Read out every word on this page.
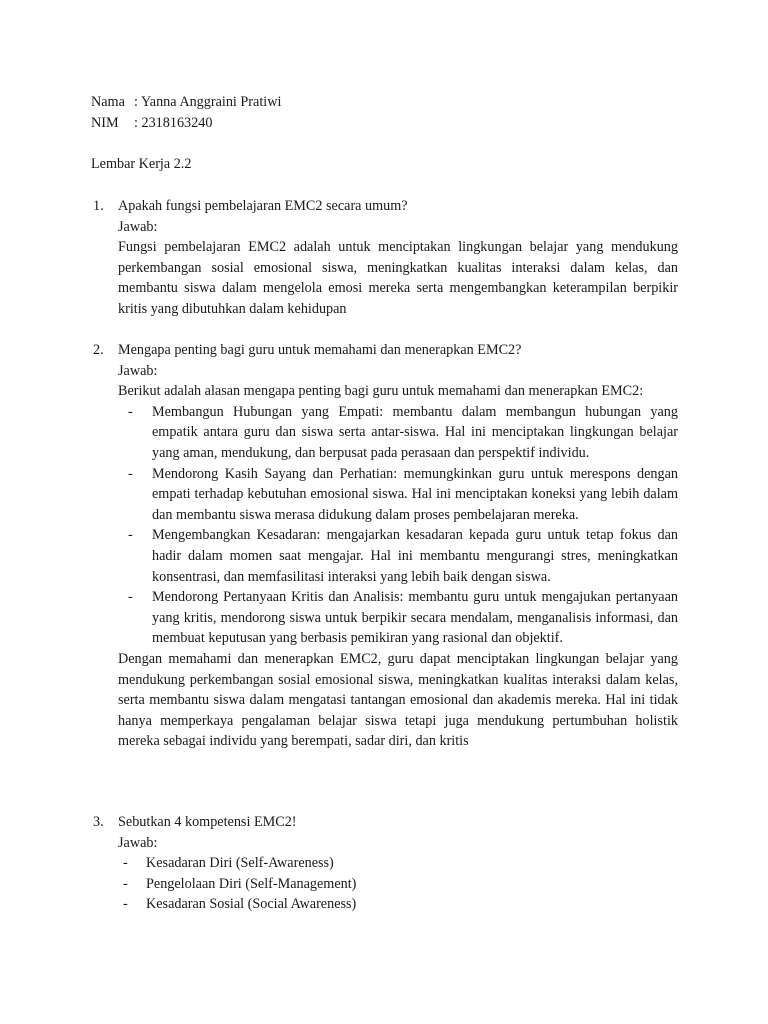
Nama : Yanna Anggraini Pratiwi
NIM	: 2318163240
Lembar Kerja 2.2
1.	Apakah fungsi pembelajaran EMC2 secara umum?
Jawab:
Fungsi pembelajaran EMC2 adalah untuk menciptakan lingkungan belajar yang mendukung perkembangan sosial emosional siswa, meningkatkan kualitas interaksi dalam kelas, dan membantu siswa dalam mengelola emosi mereka serta mengembangkan keterampilan berpikir kritis yang dibutuhkan dalam kehidupan
2.	Mengapa penting bagi guru untuk memahami dan menerapkan EMC2?
Jawab:
Berikut adalah alasan mengapa penting bagi guru untuk memahami dan menerapkan EMC2:
-	Membangun Hubungan yang Empati: membantu dalam membangun hubungan yang empatik antara guru dan siswa serta antar-siswa. Hal ini menciptakan lingkungan belajar yang aman, mendukung, dan berpusat pada perasaan dan perspektif individu.
-	Mendorong Kasih Sayang dan Perhatian: memungkinkan guru untuk merespons dengan empati terhadap kebutuhan emosional siswa. Hal ini menciptakan koneksi yang lebih dalam dan membantu siswa merasa didukung dalam proses pembelajaran mereka.
-	Mengembangkan Kesadaran: mengajarkan kesadaran kepada guru untuk tetap fokus dan hadir dalam momen saat mengajar. Hal ini membantu mengurangi stres, meningkatkan konsentrasi, dan memfasilitasi interaksi yang lebih baik dengan siswa.
-	Mendorong Pertanyaan Kritis dan Analisis: membantu guru untuk mengajukan pertanyaan yang kritis, mendorong siswa untuk berpikir secara mendalam, menganalisis informasi, dan membuat keputusan yang berbasis pemikiran yang rasional dan objektif.
Dengan memahami dan menerapkan EMC2, guru dapat menciptakan lingkungan belajar yang mendukung perkembangan sosial emosional siswa, meningkatkan kualitas interaksi dalam kelas, serta membantu siswa dalam mengatasi tantangan emosional dan akademis mereka. Hal ini tidak hanya memperkaya pengalaman belajar siswa tetapi juga mendukung pertumbuhan holistik mereka sebagai individu yang berempati, sadar diri, dan kritis
3.	Sebutkan 4 kompetensi EMC2!
Jawab:
-	Kesadaran Diri (Self-Awareness)
-	Pengelolaan Diri (Self-Management)
-	Kesadaran Sosial (Social Awareness)
